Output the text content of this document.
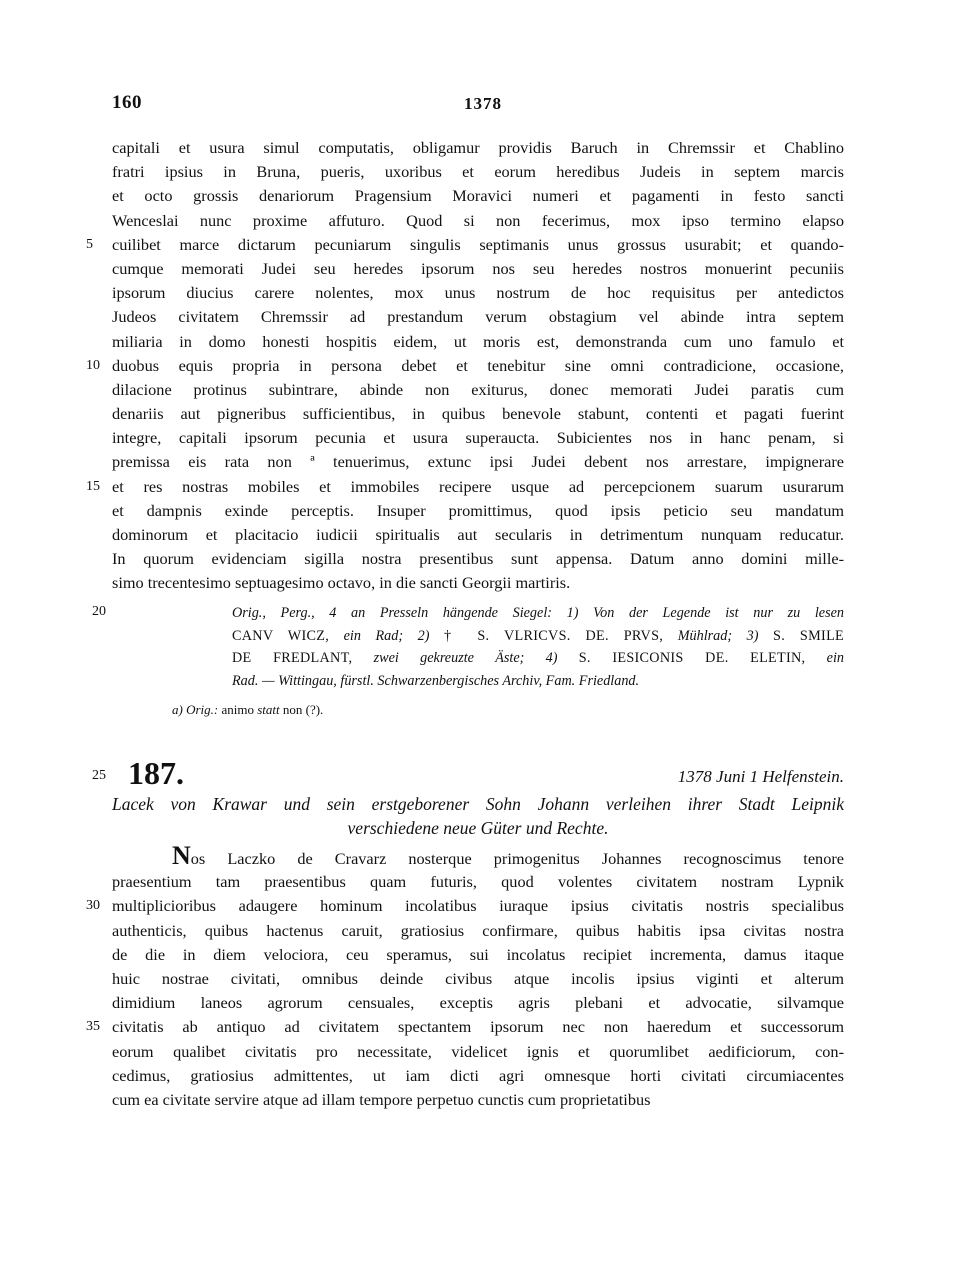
160	1378
capitali et usura simul computatis, obligamur providis Baruch in Chremssir et Chablino
fratri ipsius in Bruna, pueris, uxoribus et eorum heredibus Judeis in septem marcis
et octo grossis denariorum Pragensium Moravici numeri et pagamenti in festo sancti
Wenceslai nunc proxime affuturo. Quod si non fecerimus, mox ipso termino elapso
5	cuilibet marce dictarum pecuniarum singulis septimanis unus grossus usurabit; et quando-
cumque memorati Judei seu heredes ipsorum nos seu heredes nostros monuerint pecuniis
ipsorum diucius carere nolentes, mox unus nostrum de hoc requisitus per antedictos
Judeos civitatem Chremssir ad prestandum verum obstagium vel abinde intra septem
miliaria in domo honesti hospitis eidem, ut moris est, demonstranda cum uno famulo et
10 duobus equis propria in persona debet et tenebitur sine omni contradicione, occasione,
dilacione protinus subintrare, abinde non exiturus, donec memorati Judei paratis cum
denariis aut pigneribus sufficientibus, in quibus benevole stabunt, contenti et pagati fuerint
integre, capitali ipsorum pecunia et usura superaucta. Subicientes nos in hanc penam, si
premissa eis rata non ª tenuerimus, extunc ipsi Judei debent nos arrestare, impignerare
15 et res nostras mobiles et immobiles recipere usque ad percepcionem suarum usurarum
et dampnis exinde perceptis. Insuper promittimus, quod ipsis peticio seu mandatum
dominorum et placitacio iudicii spiritualis aut secularis in detrimentum nunquam reducatur.
In quorum evidenciam sigilla nostra presentibus sunt appensa. Datum anno domini mille-
simo trecentesimo septuagesimo octavo, in die sancti Georgii martiris.
20	Orig., Perg., 4 an Presseln hängende Siegel: 1) Von der Legende ist nur zu lesen
CANV WICZ, ein Rad; 2) † S. VLRICVS. DE. PRVS, Mühlrad; 3) S. SMILE
DE FREDLANT, zwei gekreuzte Äste; 4) S. IESICONIS DE. ELETIN, ein
Rad. — Wittingau, fürstl. Schwarzenbergisches Archiv, Fam. Friedland.
a) Orig.: animo statt non (?).
25 187.	1378 Juni 1 Helfenstein.
Lacek von Krawar und sein erstgeborener Sohn Johann verleihen ihrer Stadt Leipnik
verschiedene neue Güter und Rechte.
Nos Laczko de Cravarz nosterque primogenitus Johannes recognoscimus tenore
praesentium tam praesentibus quam futuris, quod volentes civitatem nostram Lypnik
30 multiplicioribus adaugere hominum incolatibus iuraque ipsius civitatis nostris specialibus
authenticis, quibus hactenus caruit, gratiosius confirmare, quibus habitis ipsa civitas nostra
de die in diem velociora, ceu speramus, sui incolatus recipiet incrementa, damus itaque
huic nostrae civitati, omnibus deinde civibus atque incolis ipsius viginti et alterum
dimidium laneos agrorum censuales, exceptis agris plebani et advocatie, silvamque
35 civitatis ab antiquo ad civitatem spectantem ipsorum nec non haeredum et successorum
eorum qualibet civitatis pro necessitate, videlicet ignis et quorumlibet aedificiorum, con-
cedimus, gratiosius admittentes, ut iam dicti agri omnesque horti civitati circumiacentes
cum ea civitate servire atque ad illam tempore perpetuo cunctis cum proprietatibus
